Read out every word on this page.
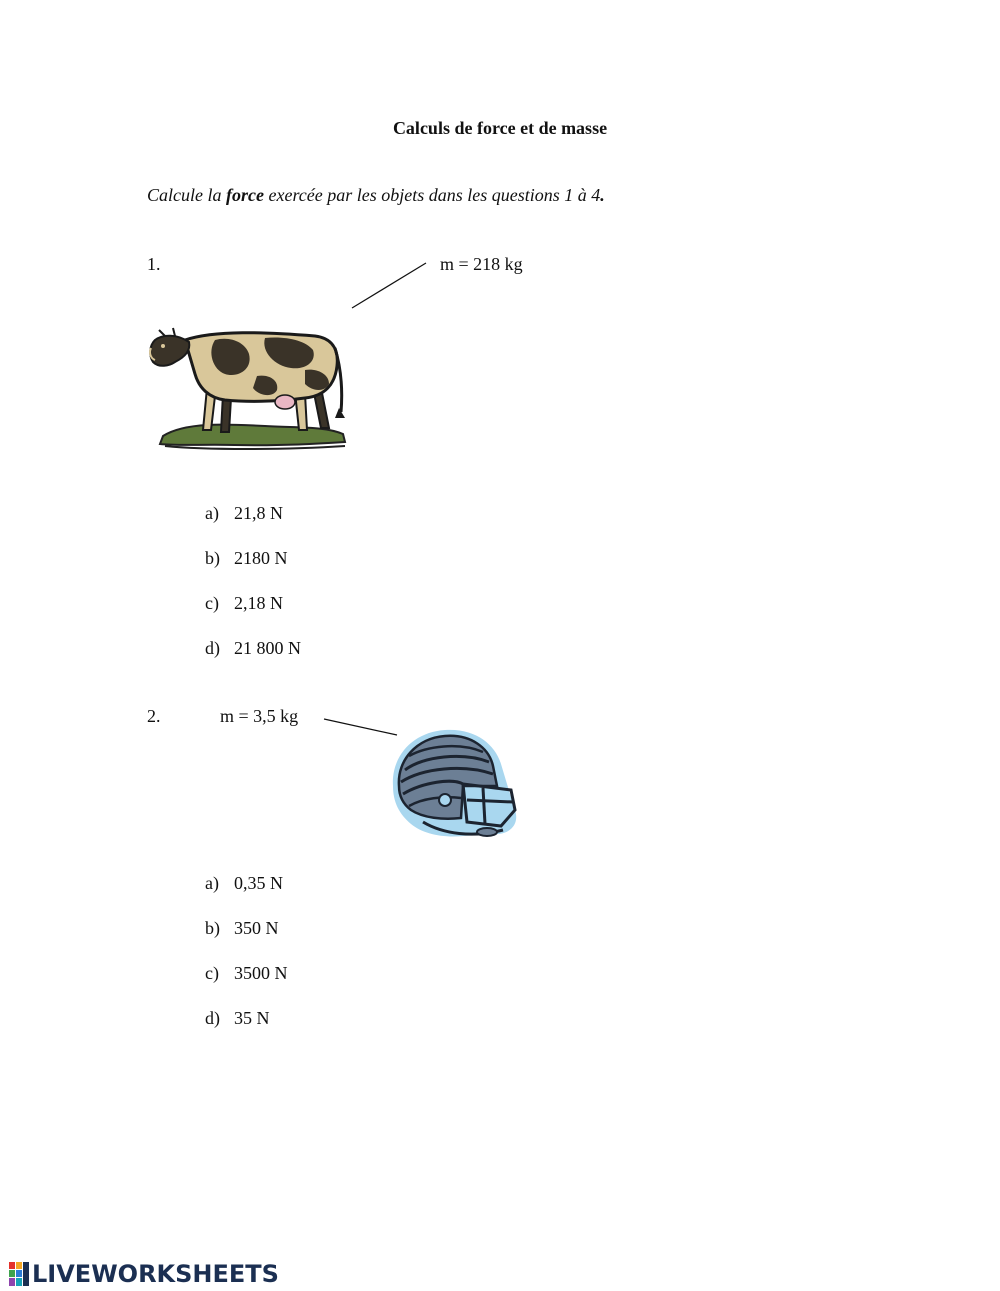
Calculs de force et de masse
Calcule la force exercée par les objets dans les questions 1 à 4.
1.	m = 218 kg
a) 21,8 N
b) 2180 N
c) 2,18 N
d) 21 800 N
2.	m = 3,5 kg
a) 0,35 N
b) 350 N
c) 3500 N
d) 35 N
LIVEWORKSHEETS
